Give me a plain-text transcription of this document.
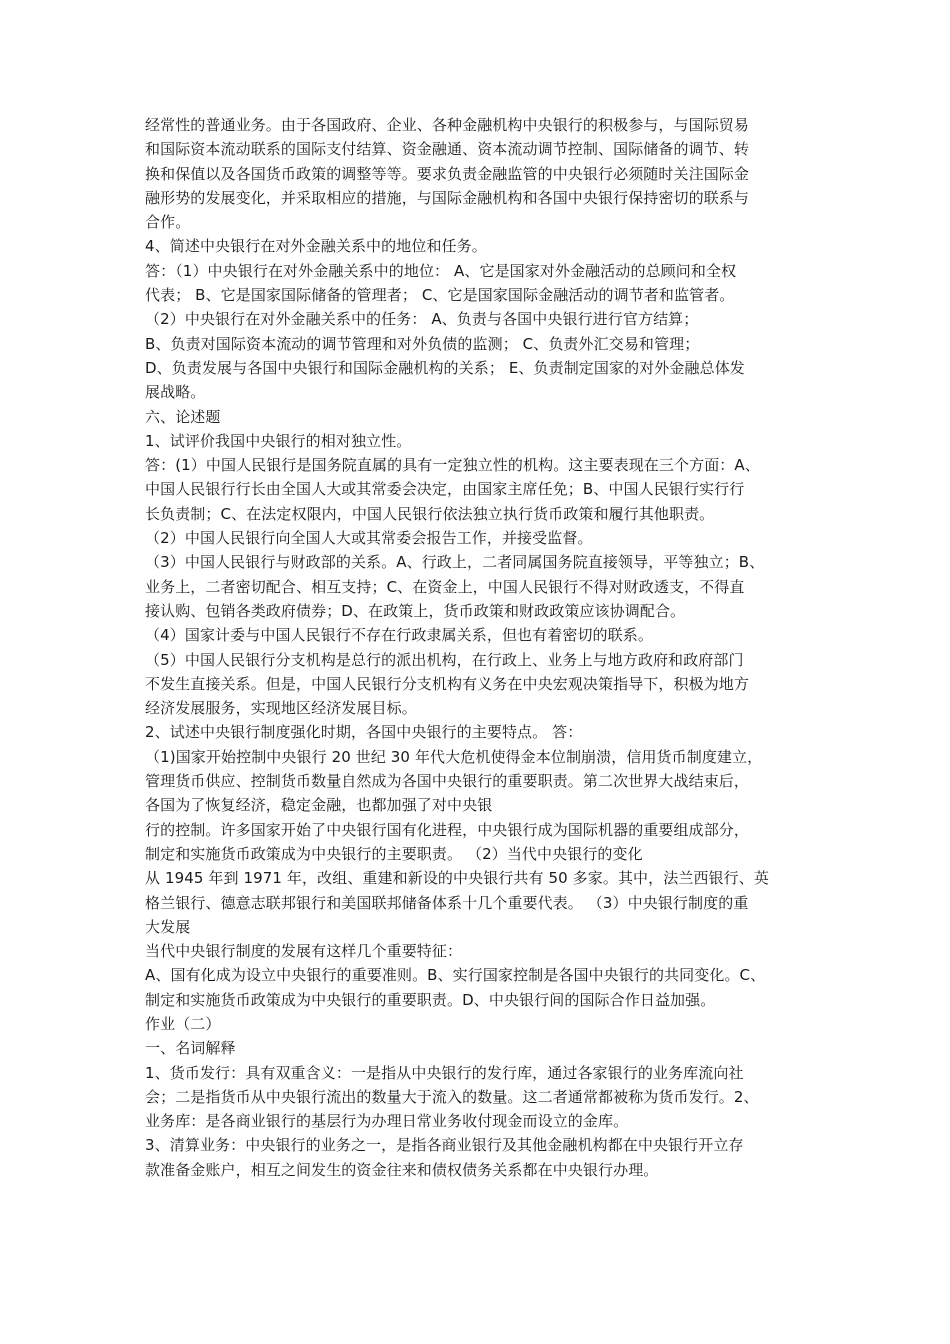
经常性的普通业务。由于各国政府、企业、各种金融机构中央银行的积极参与，与国际贸易
和国际资本流动联系的国际支付结算、资金融通、资本流动调节控制、国际储备的调节、转
换和保值以及各国货币政策的调整等等。要求负责金融监管的中央银行必须随时关注国际金
融形势的发展变化，并采取相应的措施，与国际金融机构和各国中央银行保持密切的联系与
合作。
4、简述中央银行在对外金融关系中的地位和任务。
答：（1）中央银行在对外金融关系中的地位： A、它是国家对外金融活动的总顾问和全权
代表； B、它是国家国际储备的管理者； C、它是国家国际金融活动的调节者和监管者。
（2）中央银行在对外金融关系中的任务： A、负责与各国中央银行进行官方结算；
B、负责对国际资本流动的调节管理和对外负债的监测； C、负责外汇交易和管理；
D、负责发展与各国中央银行和国际金融机构的关系； E、负责制定国家的对外金融总体发
展战略。
六、论述题
1、试评价我国中央银行的相对独立性。
答：(1）中国人民银行是国务院直属的具有一定独立性的机构。这主要表现在三个方面：A、
中国人民银行行长由全国人大或其常委会决定，由国家主席任免；B、中国人民银行实行行
长负责制；C、在法定权限内，中国人民银行依法独立执行货币政策和履行其他职责。
（2）中国人民银行向全国人大或其常委会报告工作，并接受监督。
（3）中国人民银行与财政部的关系。A、行政上，二者同属国务院直接领导，平等独立；B、
业务上，二者密切配合、相互支持；C、在资金上，中国人民银行不得对财政透支，不得直
接认购、包销各类政府债券；D、在政策上，货币政策和财政政策应该协调配合。
（4）国家计委与中国人民银行不存在行政隶属关系，但也有着密切的联系。
（5）中国人民银行分支机构是总行的派出机构，在行政上、业务上与地方政府和政府部门
不发生直接关系。但是，中国人民银行分支机构有义务在中央宏观决策指导下，积极为地方
经济发展服务，实现地区经济发展目标。
2、试述中央银行制度强化时期，各国中央银行的主要特点。 答：
（1)国家开始控制中央银行 20 世纪 30 年代大危机使得金本位制崩溃，信用货币制度建立，
管理货币供应、控制货币数量自然成为各国中央银行的重要职责。第二次世界大战结束后，
各国为了恢复经济，稳定金融，也都加强了对中央银
行的控制。许多国家开始了中央银行国有化进程，中央银行成为国际机器的重要组成部分，
制定和实施货币政策成为中央银行的主要职责。 （2）当代中央银行的变化
从 1945 年到 1971 年，改组、重建和新设的中央银行共有 50 多家。其中，法兰西银行、英
格兰银行、德意志联邦银行和美国联邦储备体系十几个重要代表。 （3）中央银行制度的重
大发展
当代中央银行制度的发展有这样几个重要特征：
A、国有化成为设立中央银行的重要准则。B、实行国家控制是各国中央银行的共同变化。C、
制定和实施货币政策成为中央银行的重要职责。D、中央银行间的国际合作日益加强。
作业（二）
一、名词解释
1、货币发行：具有双重含义：一是指从中央银行的发行库，通过各家银行的业务库流向社
会；二是指货币从中央银行流出的数量大于流入的数量。这二者通常都被称为货币发行。2、
业务库：是各商业银行的基层行为办理日常业务收付现金而设立的金库。
3、清算业务：中央银行的业务之一，是指各商业银行及其他金融机构都在中央银行开立存
款准备金账户，相互之间发生的资金往来和债权债务关系都在中央银行办理。
